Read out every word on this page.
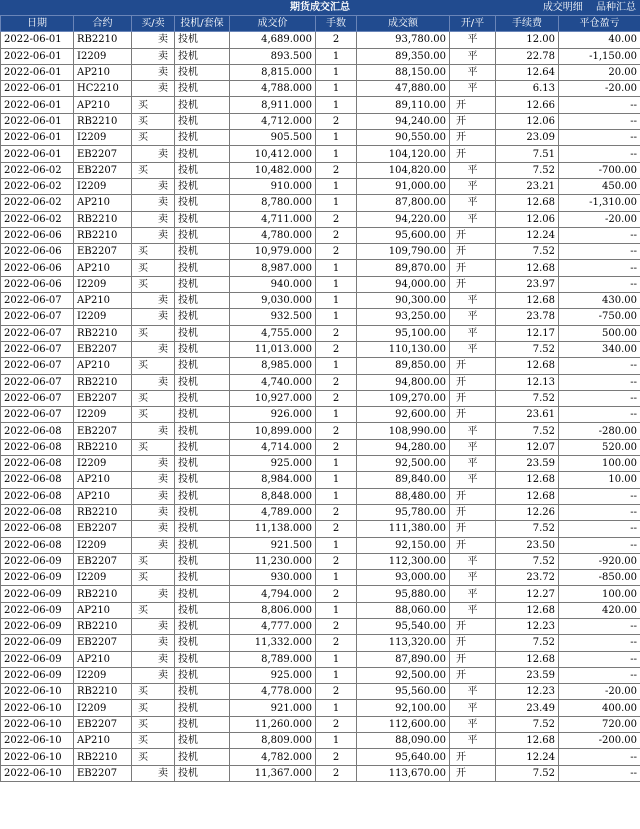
期货成交汇总	成交明细 品种汇总
日期	合约	买/卖	投机/套保	成交价	手数	成交额	开/平	手续费	平仓盈亏
2022-06-01	RB2210	卖	投机	4,689.000	2	93,780.00	平	12.00	40.00
2022-06-01	I2209	卖	投机	893.500	1	89,350.00	平	22.78	-1,150.00
2022-06-01	AP210	卖	投机	8,815.000	1	88,150.00	平	12.64	20.00
2022-06-01	HC2210	卖	投机	4,788.000	1	47,880.00	平	6.13	-20.00
2022-06-01	AP210	买	投机	8,911.000	1	89,110.00	开	12.66	--
2022-06-01	RB2210	买	投机	4,712.000	2	94,240.00	开	12.06	--
2022-06-01	I2209	买	投机	905.500	1	90,550.00	开	23.09	--
2022-06-01	EB2207	卖	投机	10,412.000	1	104,120.00	开	7.51	--
2022-06-02	EB2207	买	投机	10,482.000	2	104,820.00	平	7.52	-700.00
2022-06-02	I2209	卖	投机	910.000	1	91,000.00	平	23.21	450.00
2022-06-02	AP210	卖	投机	8,780.000	1	87,800.00	平	12.68	-1,310.00
2022-06-02	RB2210	卖	投机	4,711.000	2	94,220.00	平	12.06	-20.00
2022-06-06	RB2210	卖	投机	4,780.000	2	95,600.00	开	12.24	--
2022-06-06	EB2207	买	投机	10,979.000	2	109,790.00	开	7.52	--
2022-06-06	AP210	买	投机	8,987.000	1	89,870.00	开	12.68	--
2022-06-06	I2209	买	投机	940.000	1	94,000.00	开	23.97	--
2022-06-07	AP210	卖	投机	9,030.000	1	90,300.00	平	12.68	430.00
2022-06-07	I2209	卖	投机	932.500	1	93,250.00	平	23.78	-750.00
2022-06-07	RB2210	买	投机	4,755.000	2	95,100.00	平	12.17	500.00
2022-06-07	EB2207	卖	投机	11,013.000	2	110,130.00	平	7.52	340.00
2022-06-07	AP210	买	投机	8,985.000	1	89,850.00	开	12.68	--
2022-06-07	RB2210	卖	投机	4,740.000	2	94,800.00	开	12.13	--
2022-06-07	EB2207	买	投机	10,927.000	2	109,270.00	开	7.52	--
2022-06-07	I2209	买	投机	926.000	1	92,600.00	开	23.61	--
2022-06-08	EB2207	卖	投机	10,899.000	2	108,990.00	平	7.52	-280.00
2022-06-08	RB2210	买	投机	4,714.000	2	94,280.00	平	12.07	520.00
2022-06-08	I2209	卖	投机	925.000	1	92,500.00	平	23.59	100.00
2022-06-08	AP210	卖	投机	8,984.000	1	89,840.00	平	12.68	10.00
2022-06-08	AP210	卖	投机	8,848.000	1	88,480.00	开	12.68	--
2022-06-08	RB2210	卖	投机	4,789.000	2	95,780.00	开	12.26	--
2022-06-08	EB2207	卖	投机	11,138.000	2	111,380.00	开	7.52	--
2022-06-08	I2209	卖	投机	921.500	1	92,150.00	开	23.50	--
2022-06-09	EB2207	买	投机	11,230.000	2	112,300.00	平	7.52	-920.00
2022-06-09	I2209	买	投机	930.000	1	93,000.00	平	23.72	-850.00
2022-06-09	RB2210	卖	投机	4,794.000	2	95,880.00	平	12.27	100.00
2022-06-09	AP210	买	投机	8,806.000	1	88,060.00	平	12.68	420.00
2022-06-09	RB2210	卖	投机	4,777.000	2	95,540.00	开	12.23	--
2022-06-09	EB2207	卖	投机	11,332.000	2	113,320.00	开	7.52	--
2022-06-09	AP210	卖	投机	8,789.000	1	87,890.00	开	12.68	--
2022-06-09	I2209	卖	投机	925.000	1	92,500.00	开	23.59	--
2022-06-10	RB2210	买	投机	4,778.000	2	95,560.00	平	12.23	-20.00
2022-06-10	I2209	买	投机	921.000	1	92,100.00	平	23.49	400.00
2022-06-10	EB2207	买	投机	11,260.000	2	112,600.00	平	7.52	720.00
2022-06-10	AP210	买	投机	8,809.000	1	88,090.00	平	12.68	-200.00
2022-06-10	RB2210	买	投机	4,782.000	2	95,640.00	开	12.24	--
2022-06-10	EB2207	卖	投机	11,367.000	2	113,670.00	开	7.52	--
